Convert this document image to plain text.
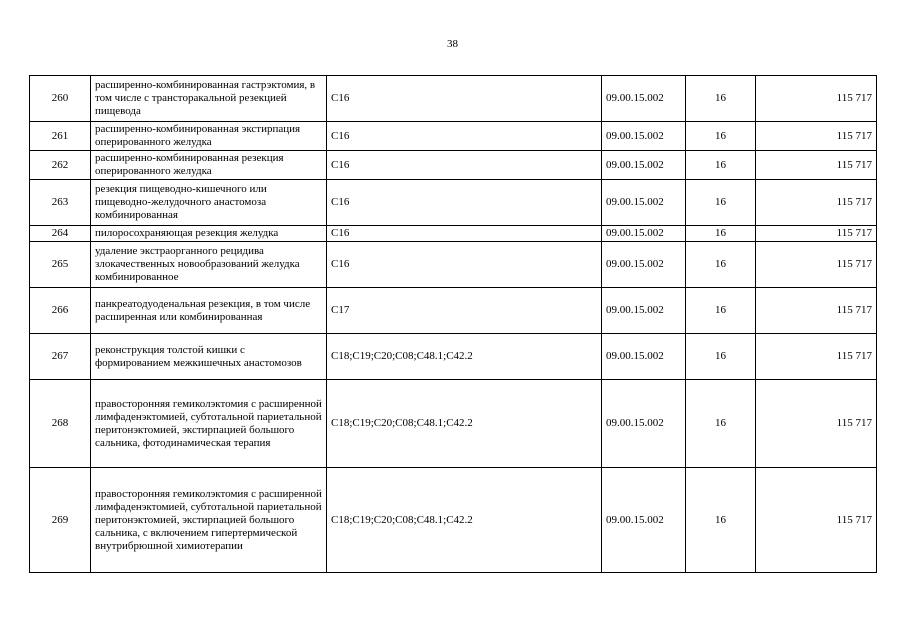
38
260	расширенно-комбинированная гастрэктомия, в том числе с трансторакальной резекцией пищевода	C16	09.00.15.002	16	115 717
261	расширенно-комбинированная экстирпация оперированного желудка	C16	09.00.15.002	16	115 717
262	расширенно-комбинированная резекция оперированного желудка	C16	09.00.15.002	16	115 717
263	резекция пищеводно-кишечного или пищеводно-желудочного анастомоза комбинированная	C16	09.00.15.002	16	115 717
264	пилоросохраняющая резекция желудка	C16	09.00.15.002	16	115 717
265	удаление экстраорганного рецидива злокачественных новообразований желудка комбинированное	C16	09.00.15.002	16	115 717
266	панкреатодуоденальная резекция, в том числе расширенная или комбинированная	C17	09.00.15.002	16	115 717
267	реконструкция толстой кишки с формированием межкишечных анастомозов	C18;C19;C20;C08;C48.1;C42.2	09.00.15.002	16	115 717
268	правосторонняя гемиколэктомия с расширенной лимфаденэктомией, субтотальной париетальной перитонэктомией, экстирпацией большого сальника, фотодинамическая терапия	C18;C19;C20;C08;C48.1;C42.2	09.00.15.002	16	115 717
269	правосторонняя гемиколэктомия с расширенной лимфаденэктомией, субтотальной париетальной перитонэктомией, экстирпацией большого сальника, с включением гипертермической внутрибрюшной химиотерапии	C18;C19;C20;C08;C48.1;C42.2	09.00.15.002	16	115 717
